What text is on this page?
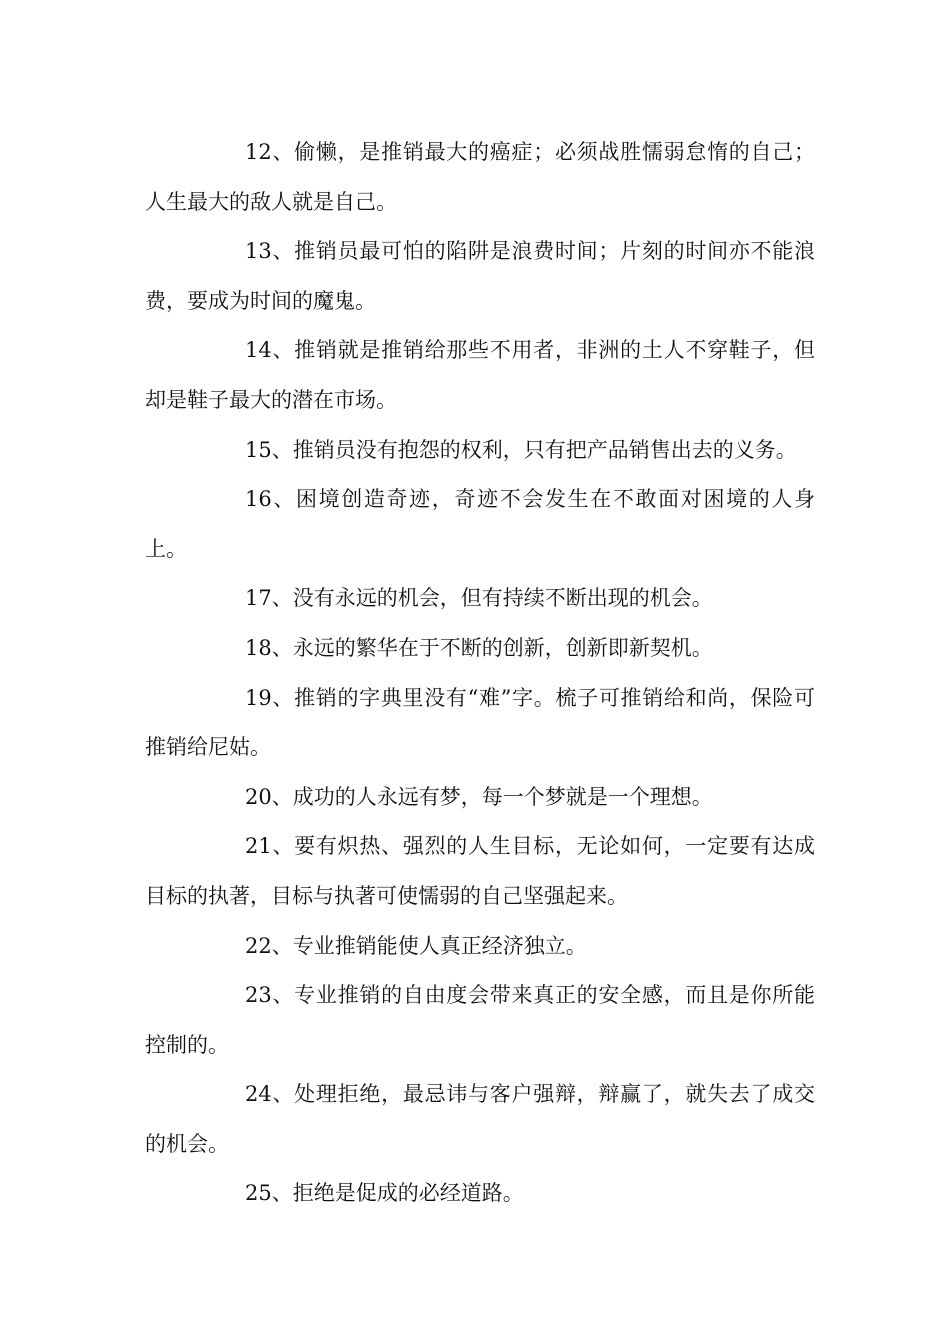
12、偷懒，是推销最大的癌症；必须战胜懦弱怠惰的自己；人生最大的敌人就是自己。

13、推销员最可怕的陷阱是浪费时间；片刻的时间亦不能浪费，要成为时间的魔鬼。

14、推销就是推销给那些不用者，非洲的土人不穿鞋子，但却是鞋子最大的潜在市场。

15、推销员没有抱怨的权利，只有把产品销售出去的义务。

16、困境创造奇迹，奇迹不会发生在不敢面对困境的人身上。

17、没有永远的机会，但有持续不断出现的机会。

18、永远的繁华在于不断的创新，创新即新契机。

19、推销的字典里没有“难”字。梳子可推销给和尚，保险可推销给尼姑。

20、成功的人永远有梦，每一个梦就是一个理想。

21、要有炽热、强烈的人生目标，无论如何，一定要有达成目标的执著，目标与执著可使懦弱的自己坚强起来。

22、专业推销能使人真正经济独立。

23、专业推销的自由度会带来真正的安全感，而且是你所能控制的。

24、处理拒绝，最忌讳与客户强辩，辩赢了，就失去了成交的机会。

25、拒绝是促成的必经道路。
